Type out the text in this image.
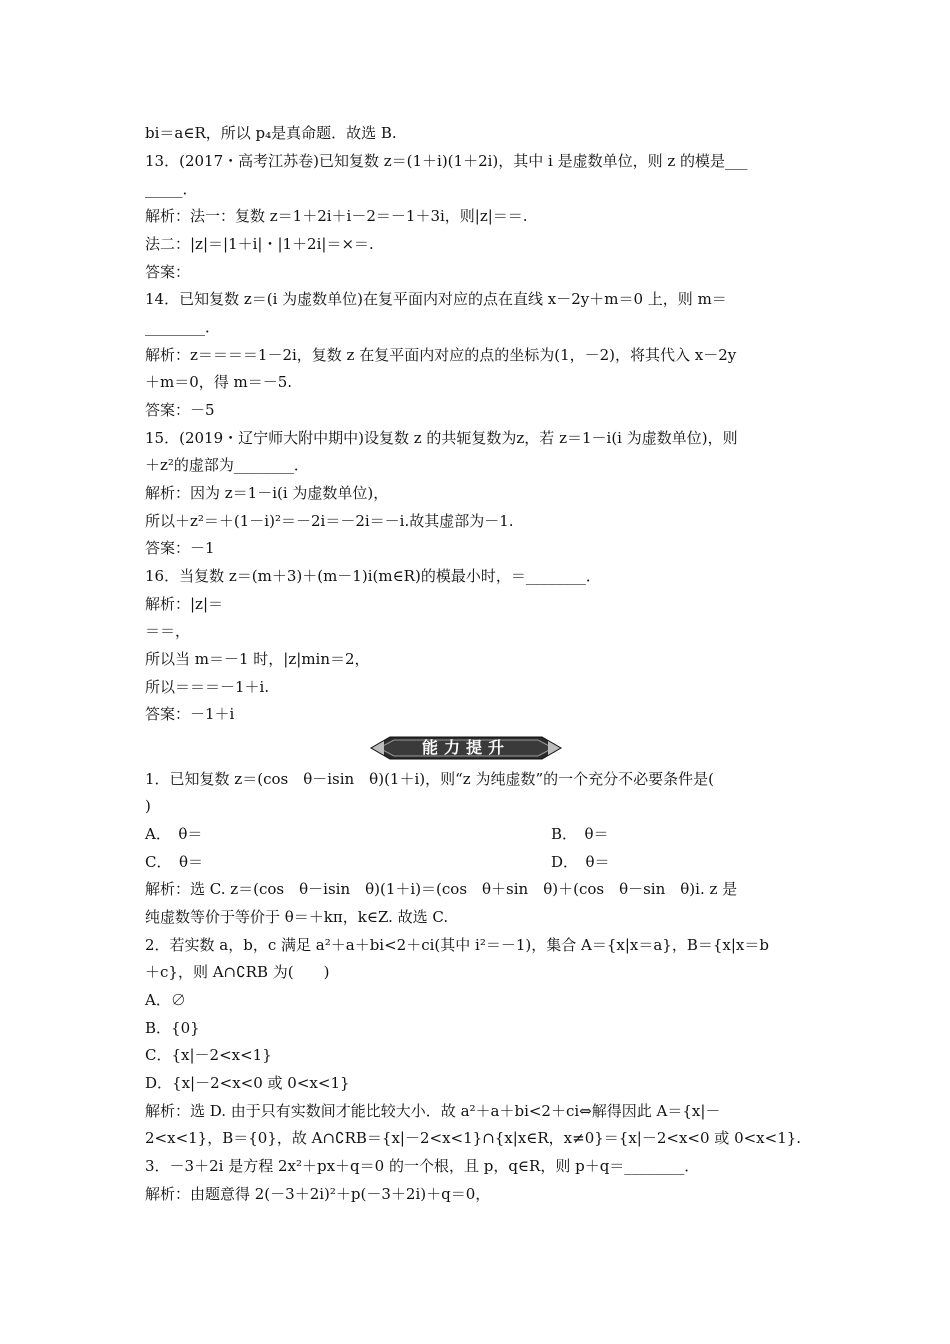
bi＝a∈R，所以 p₄是真命题．故选 B.
13．(2017・高考江苏卷)已知复数 z＝(1＋i)(1＋2i)，其中 i 是虚数单位，则 z 的模是___
_____．
解析：法一：复数 z＝1＋2i＋i－2＝－1＋3i，则|z|＝＝.
法二：|z|＝|1＋i|・|1＋2i|＝×＝.
答案：
14．已知复数 z＝(i 为虚数单位)在复平面内对应的点在直线 x－2y＋m＝0 上，则 m＝
________．
解析：z＝＝＝＝1－2i，复数 z 在复平面内对应的点的坐标为(1，－2)，将其代入 x－2y
＋m＝0，得 m＝－5.
答案：－5
15．(2019・辽宁师大附中期中)设复数 z 的共轭复数为z，若 z＝1－i(i 为虚数单位)，则
＋z²的虚部为________．
解析：因为 z＝1－i(i 为虚数单位)，
所以＋z²＝＋(1－i)²＝－2i＝－2i＝－i.故其虚部为－1.
答案：－1
16．当复数 z＝(m＋3)＋(m－1)i(m∈R)的模最小时，＝________．
解析：|z|＝
＝＝，
所以当 m＝－1 时，|z|min＝2，
所以＝＝＝－1＋i.
答案：－1＋i
能力提升
1．已知复数 z＝(cos　θ－isin　θ)(1＋i)，则“z 为纯虚数”的一个充分不必要条件是(
)
A．　θ＝	B．　θ＝
C．　θ＝	D．　θ＝
解析：选 C. z＝(cos　θ－isin　θ)(1＋i)＝(cos　θ＋sin　θ)＋(cos　θ－sin　θ)i. z 是
纯虚数等价于等价于 θ＝＋kπ，k∈Z. 故选 C.
2．若实数 a，b，c 满足 a²＋a＋bi<2＋ci(其中 i²＝－1)，集合 A＝{x|x＝a}，B＝{x|x＝b
＋c}，则 A∩∁RB 为(　　)
A．∅
B．{0}
C．{x|－2<x<1}
D．{x|－2<x<0 或 0<x<1}
解析：选 D. 由于只有实数间才能比较大小．故 a²＋a＋bi<2＋ci⇔解得因此 A＝{x|－
2<x<1}，B＝{0}，故 A∩∁RB＝{x|－2<x<1}∩{x|x∈R，x≠0}＝{x|－2<x<0 或 0<x<1}.
3．－3＋2i 是方程 2x²＋px＋q＝0 的一个根，且 p，q∈R，则 p＋q＝________．
解析：由题意得 2(－3＋2i)²＋p(－3＋2i)＋q＝0，
